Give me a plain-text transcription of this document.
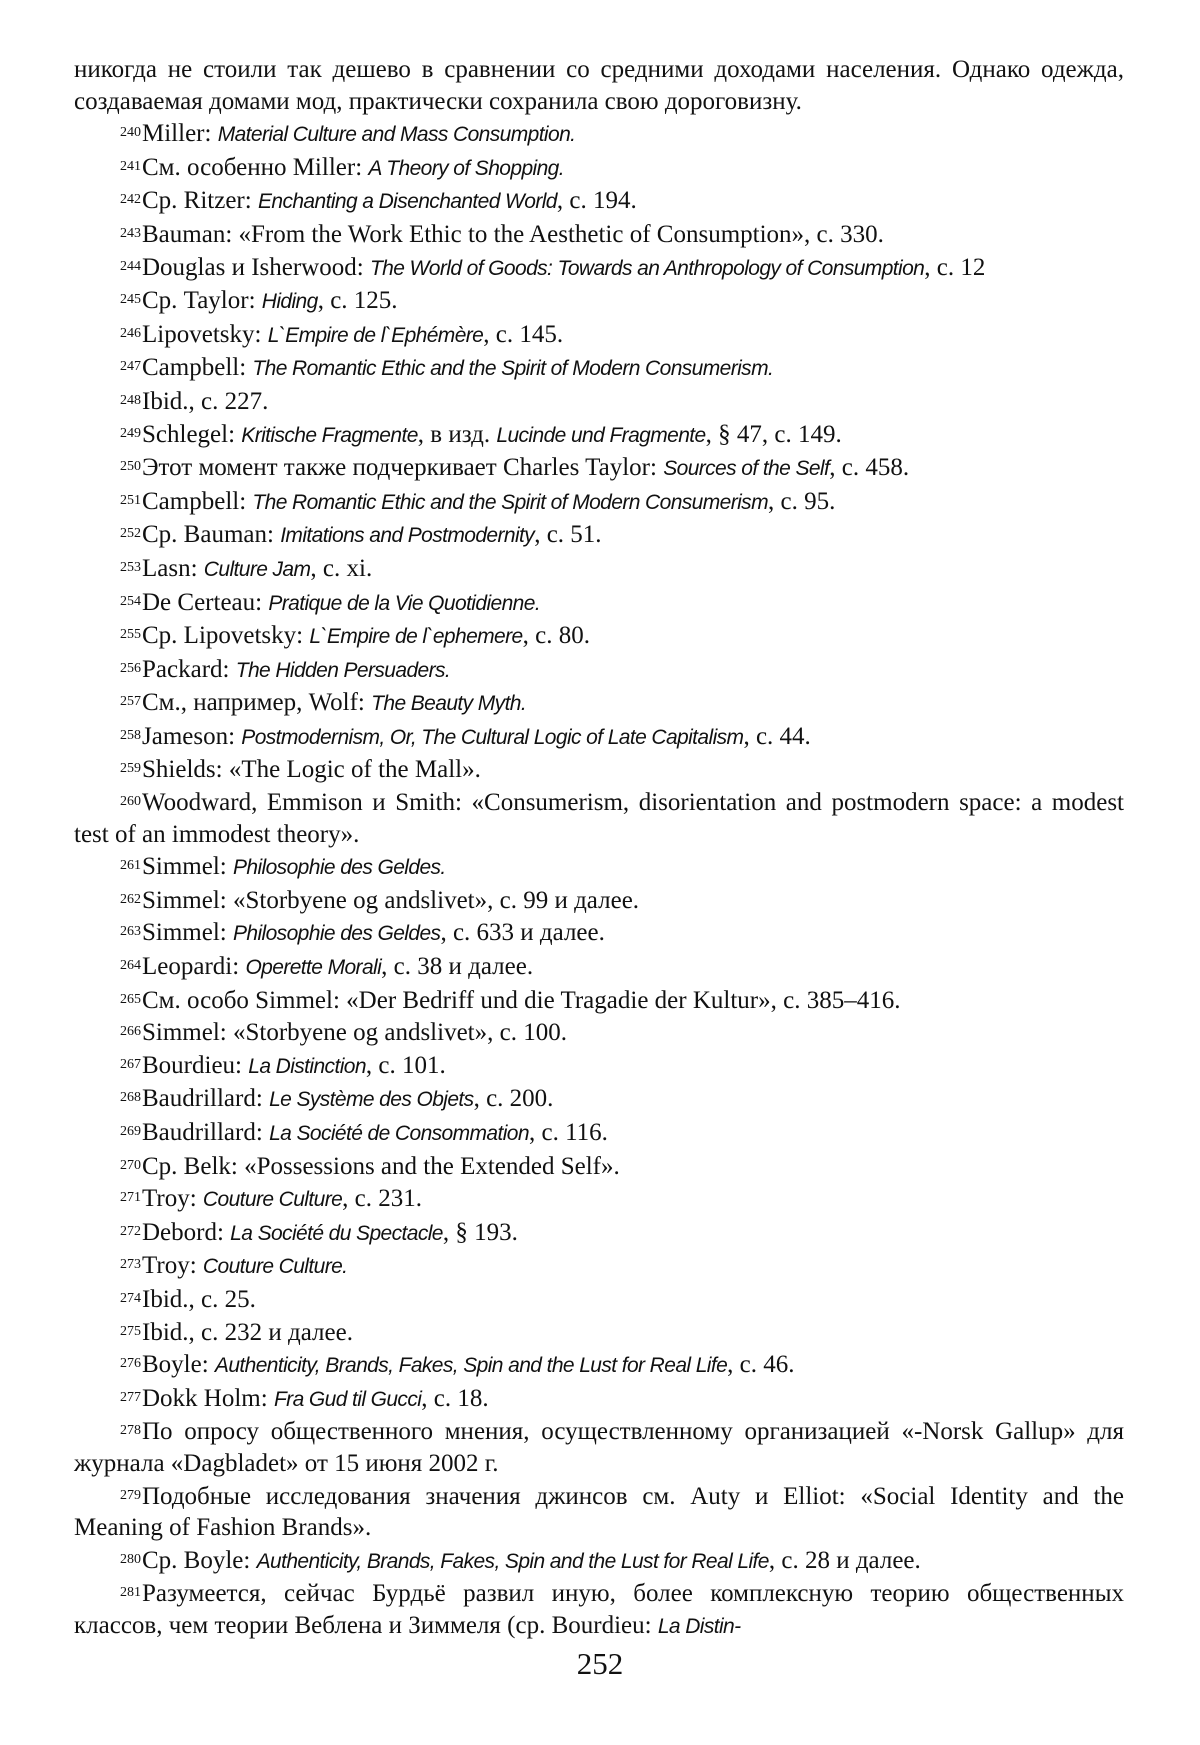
никогда не стоили так дешево в сравнении со средними доходами населения. Однако одежда, создаваемая домами мод, практически сохранила свою дороговизну.

$^{240}$Miller: Material Culture and Mass Consumption.

$^{241}$См. особенно Miller: A Theory of Shopping.

$^{242}$Ср. Ritzer: Enchanting a Disenchanted World, с. 194.

$^{243}$Bauman: «From the Work Ethic to the Aesthetic of Consumption», с. 330.

$^{244}$Douglas и Isherwood: The World of Goods: Towards an Anthropology of Consumption, с. 12

$^{245}$Ср. Taylor: Hiding, с. 125.

$^{246}$Lipovetsky: L`Empire de l`Ephémère, с. 145.

$^{247}$Campbell: The Romantic Ethic and the Spirit of Modern Consumerism.

$^{248}$Ibid., с. 227.

$^{249}$Schlegel: Kritische Fragmente, в изд. Lucinde und Fragmente, § 47, с. 149.

$^{250}$Этот момент также подчеркивает Charles Taylor: Sources of the Self, с. 458.

$^{251}$Campbell: The Romantic Ethic and the Spirit of Modern Consumerism, с. 95.

$^{252}$Ср. Bauman: Imitations and Postmodernity, с. 51.

$^{253}$Lasn: Culture Jam, с. xi.

$^{254}$De Certeau: Pratique de la Vie Quotidienne.

$^{255}$Ср. Lipovetsky: L`Empire de l`ephemere, с. 80.

$^{256}$Packard: The Hidden Persuaders.

$^{257}$См., например, Wolf: The Beauty Myth.

$^{258}$Jameson: Postmodernism, Or, The Cultural Logic of Late Capitalism, с. 44.

$^{259}$Shields: «The Logic of the Mall».

$^{260}$Woodward, Emmison и Smith: «Consumerism, disorientation and postmodern space: a modest test of an immodest theory».

$^{261}$Simmel: Philosophie des Geldes.

$^{262}$Simmel: «Storbyene og andslivet», с. 99 и далее.

$^{263}$Simmel: Philosophie des Geldes, с. 633 и далее.

$^{264}$Leopardi: Operette Morali, с. 38 и далее.

$^{265}$См. особо Simmel: «Der Bedriff und die Tragadie der Kultur», с. 385–416.

$^{266}$Simmel: «Storbyene og andslivet», с. 100.

$^{267}$Bourdieu: La Distinction, с. 101.

$^{268}$Baudrillard: Le Système des Objets, с. 200.

$^{269}$Baudrillard: La Société de Consommation, с. 116.

$^{270}$Ср. Belk: «Possessions and the Extended Self».

$^{271}$Troy: Couture Culture, с. 231.

$^{272}$Debord: La Société du Spectacle, § 193.

$^{273}$Troy: Couture Culture.

$^{274}$Ibid., с. 25.

$^{275}$Ibid., с. 232 и далее.

$^{276}$Boyle: Authenticity, Brands, Fakes, Spin and the Lust for Real Life, с. 46.

$^{277}$Dokk Holm: Fra Gud til Gucci, с. 18.

$^{278}$По опросу общественного мнения, осуществленному организацией «-Norsk Gallup» для журнала «Dagbladet» от 15 июня 2002 г.

$^{279}$Подобные исследования значения джинсов см. Auty и Elliot: «Social Identity and the Meaning of Fashion Brands».

$^{280}$Ср. Boyle: Authenticity, Brands, Fakes, Spin and the Lust for Real Life, с. 28 и далее.

$^{281}$Разумеется, сейчас Бурдьё развил иную, более комплексную теорию общественных классов, чем теории Веблена и Зиммеля (ср. Bourdieu: La Distin-

252
